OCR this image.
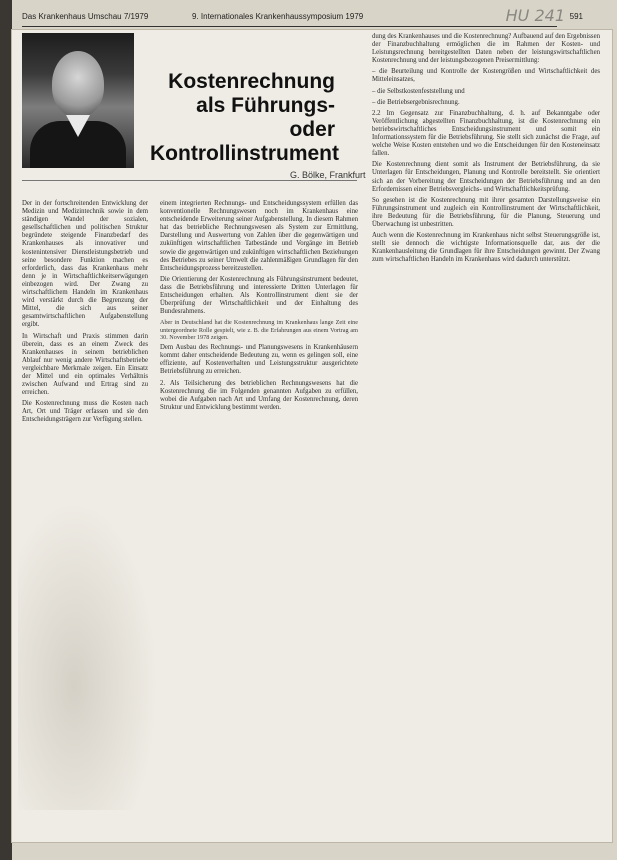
Das Krankenhaus Umschau 7/1979	9. Internationales Krankenhaussymposium 1979	HU 241 591
Kostenrechnung als Führungs- oder Kontrollinstrument
G. Bölke, Frankfurt

Der in der fortschreitenden Entwicklung der Medizin und Medizintechnik sowie in dem ständigen Wandel der sozialen, gesellschaftlichen und politischen Struktur begründete steigende Finanzbedarf des Krankenhauses als innovativer und kostenintensiver Dienstleistungsbetrieb und seine besondere Funktion machen es erforderlich, dass das Krankenhaus mehr denn je in Wirtschaftlichkeitserwägungen einbezogen wird. Der Zwang zu wirtschaftlichem Handeln im Krankenhaus wird verstärkt durch die Begrenzung der Mittel, die sich aus seiner gesamtwirtschaftlichen Aufgabenstellung ergibt.

In Wirtschaft und Praxis stimmen darin überein, dass es an einem Zweck des Krankenhauses in seinem betrieblichen Ablauf nur wenig andere Wirtschaftsbetriebe vergleichbare Merkmale zeigen. Ein Einsatz der Mittel und ein optimales Verhältnis zwischen Aufwand und Ertrag sind zu erreichen.

Die Kostenrechnung muss die Kosten nach Art, Ort und Träger erfassen und sie den Entscheidungsträgern zur Verfügung stellen.

einem integrierten Rechnungs- und Entscheidungssystem erfüllen das konventionelle Rechnungswesen noch im Krankenhaus eine entscheidende Erweiterung seiner Aufgabenstellung. In diesem Rahmen hat das betriebliche Rechnungswesen als System zur Ermittlung, Darstellung und Auswertung von Zahlen über die gegenwärtigen und zukünftigen wirtschaftlichen Tatbestände und Vorgänge im Betrieb sowie die gegenwärtigen und zukünftigen wirtschaftlichen Beziehungen des Betriebes zu seiner Umwelt die zahlenmäßigen Grundlagen für den Entscheidungsprozess bereitzustellen.

Die Orientierung der Kostenrechnung als Führungsinstrument bedeutet, dass die Betriebsführung und interessierte Dritten Unterlagen für Entscheidungen erhalten. Als Kontrollinstrument dient sie der Überprüfung der Wirtschaftlichkeit und der Einhaltung des Bundesrahmens.

Aber in Deutschland hat die Kostenrechnung im Krankenhaus lange Zeit eine untergeordnete Rolle gespielt, wie z. B. die Erfahrungen aus einem Vortrag am 30. November 1978 zeigen.

Dem Ausbau des Rechnungs- und Planungswesens in Krankenhäusern kommt daher entscheidende Bedeutung zu, wenn es gelingen soll, eine effiziente, auf Kostenverhalten und Leistungsstruktur ausgerichtete Betriebsführung zu erreichen.

2. Als Teilsicherung des betrieblichen Rechnungswesens hat die Kostenrechnung die im Folgenden genannten Aufgaben zu erfüllen, wobei die Aufgaben nach Art und Umfang der Kostenrechnung, deren Struktur und Entwicklung bestimmt werden.

dung des Krankenhauses und die Kostenrechnung? Aufbauend auf den Ergebnissen der Finanzbuchhaltung ermöglichen die im Rahmen der Kosten- und Leistungsrechnung bereitgestellten Daten neben der leistungswirtschaftlichen Kostenrechnung und der leistungsbezogenen Preisermittlung:

– die Beurteilung und Kontrolle der Kostengrößen und Wirtschaftlichkeit des Mitteleinsatzes,

– die Selbstkostenfeststellung und

– die Betriebsergebnisrechnung.

2.2 Im Gegensatz zur Finanzbuchhaltung, d. h. auf Bekanntgabe oder Veröffentlichung abgestellten Finanzbuchhaltung, ist die Kostenrechnung ein betriebswirtschaftliches Entscheidungsinstrument und somit ein Informationssystem für die Betriebsführung. Sie stellt sich zunächst die Frage, auf welche Weise Kosten entstehen und wo die Entscheidungen für den Kosteneinsatz fallen.

Die Kostenrechnung dient somit als Instrument der Betriebsführung, da sie Unterlagen für Entscheidungen, Planung und Kontrolle bereitstellt. Sie orientiert sich an der Vorbereitung der Entscheidungen der Betriebsführung und an den Erfordernissen einer Betriebsvergleichs- und Wirtschaftlichkeitsprüfung.

So gesehen ist die Kostenrechnung mit ihrer gesamten Darstellungsweise ein Führungsinstrument und zugleich ein Kontrollinstrument der Wirtschaftlichkeit, ihre Bedeutung für die Betriebsführung, für die Planung, Steuerung und Überwachung ist unbestritten.

Auch wenn die Kostenrechnung im Krankenhaus nicht selbst Steuerungsgröße ist, stellt sie dennoch die wichtigste Informationsquelle dar, aus der die Krankenhausleitung die Grundlagen für ihre Entscheidungen gewinnt. Der Zwang zum wirtschaftlichen Handeln im Krankenhaus wird dadurch unterstützt.
